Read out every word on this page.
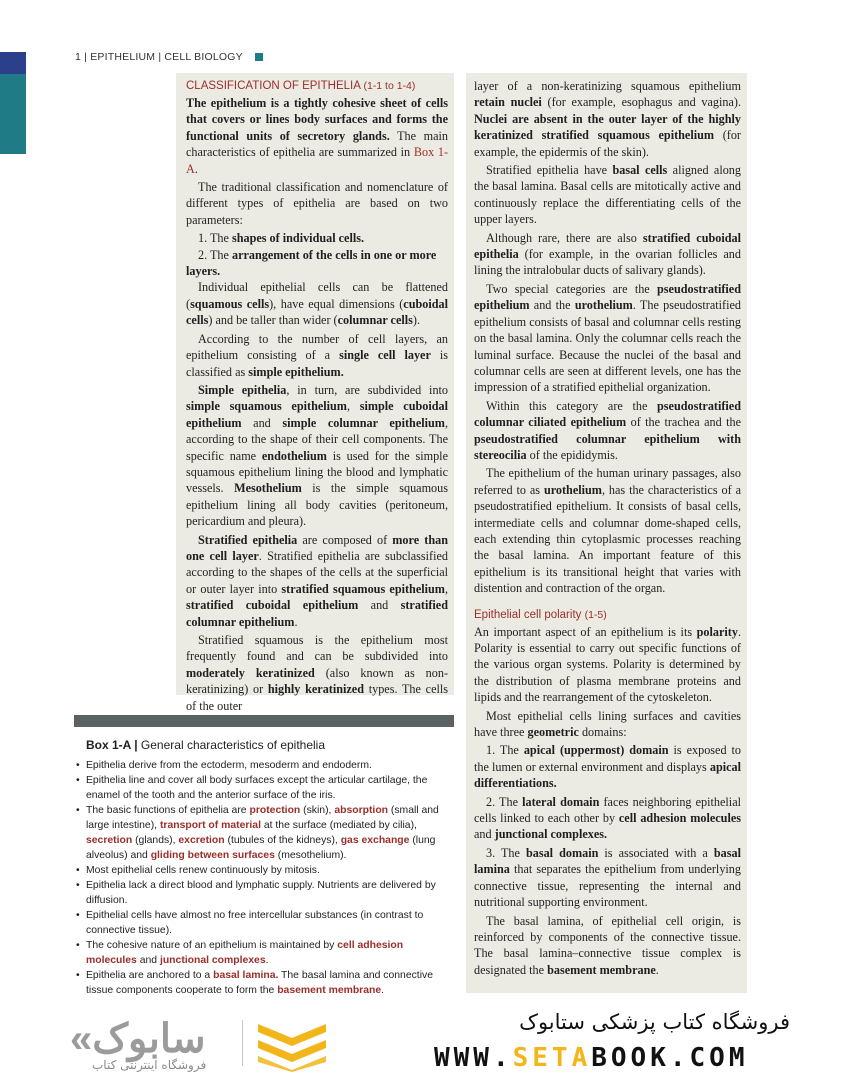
1 | EPITHELIUM | CELL BIOLOGY
CLASSIFICATION OF EPITHELIA (1-1 to 1-4)

The epithelium is a tightly cohesive sheet of cells that covers or lines body surfaces and forms the functional units of secretory glands. The main characteristics of epithelia are summarized in Box 1-A.

The traditional classification and nomenclature of different types of epithelia are based on two parameters:

1. The shapes of individual cells.

2. The arrangement of the cells in one or more layers.

Individual epithelial cells can be flattened (squamous cells), have equal dimensions (cuboidal cells) and be taller than wider (columnar cells).

According to the number of cell layers, an epithelium consisting of a single cell layer is classified as simple epithelium.

Simple epithelia, in turn, are subdivided into simple squamous epithelium, simple cuboidal epithelium and simple columnar epithelium, according to the shape of their cell components. The specific name endothelium is used for the simple squamous epithelium lining the blood and lymphatic vessels. Mesothelium is the simple squamous epithelium lining all body cavities (peritoneum, pericardium and pleura).

Stratified epithelia are composed of more than one cell layer. Stratified epithelia are subclassified according to the shapes of the cells at the superficial or outer layer into stratified squamous epithelium, stratified cuboidal epithelium and stratified columnar epithelium.

Stratified squamous is the epithelium most frequently found and can be subdivided into moderately keratinized (also known as non-keratinizing) or highly keratinized types. The cells of the outer

layer of a non-keratinizing squamous epithelium retain nuclei (for example, esophagus and vagina). Nuclei are absent in the outer layer of the highly keratinized stratified squamous epithelium (for example, the epidermis of the skin).

Stratified epithelia have basal cells aligned along the basal lamina. Basal cells are mitotically active and continuously replace the differentiating cells of the upper layers.

Although rare, there are also stratified cuboidal epithelia (for example, in the ovarian follicles and lining the intralobular ducts of salivary glands).

Two special categories are the pseudostratified epithelium and the urothelium. The pseudostratified epithelium consists of basal and columnar cells resting on the basal lamina. Only the columnar cells reach the luminal surface. Because the nuclei of the basal and columnar cells are seen at different levels, one has the impression of a stratified epithelial organization.

Within this category are the pseudostratified columnar ciliated epithelium of the trachea and the pseudostratified columnar epithelium with stereocilia of the epididymis.

The epithelium of the human urinary passages, also referred to as urothelium, has the characteristics of a pseudostratified epithelium. It consists of basal cells, intermediate cells and columnar dome-shaped cells, each extending thin cytoplasmic processes reaching the basal lamina. An important feature of this epithelium is its transitional height that varies with distention and contraction of the organ.

Epithelial cell polarity (1-5)

An important aspect of an epithelium is its polarity. Polarity is essential to carry out specific functions of the various organ systems. Polarity is determined by the distribution of plasma membrane proteins and lipids and the rearrangement of the cytoskeleton.

Most epithelial cells lining surfaces and cavities have three geometric domains:

1. The apical (uppermost) domain is exposed to the lumen or external environment and displays apical differentiations.

2. The lateral domain faces neighboring epithelial cells linked to each other by cell adhesion molecules and junctional complexes.

3. The basal domain is associated with a basal lamina that separates the epithelium from underlying connective tissue, representing the internal and nutritional supporting environment.

The basal lamina, of epithelial cell origin, is reinforced by components of the connective tissue. The basal lamina–connective tissue complex is designated the basement membrane.

Box 1-A | General characteristics of epithelia
• Epithelia derive from the ectoderm, mesoderm and endoderm.
• Epithelia line and cover all body surfaces except the articular cartilage, the enamel of the tooth and the anterior surface of the iris.
• The basic functions of epithelia are protection (skin), absorption (small and large intestine), transport of material at the surface (mediated by cilia), secretion (glands), excretion (tubules of the kidneys), gas exchange (lung alveolus) and gliding between surfaces (mesothelium).
• Most epithelial cells renew continuously by mitosis.
• Epithelia lack a direct blood and lymphatic supply. Nutrients are delivered by diffusion.
• Epithelial cells have almost no free intercellular substances (in contrast to connective tissue).
• The cohesive nature of an epithelium is maintained by cell adhesion molecules and junctional complexes.
• Epithelia are anchored to a basal lamina. The basal lamina and connective tissue components cooperate to form the basement membrane.
«سابوک
فروشگاه اینترنتی کتاب
فروشگاه کتاب پزشکی ستابوک
WWW.SETABOOK.COM
